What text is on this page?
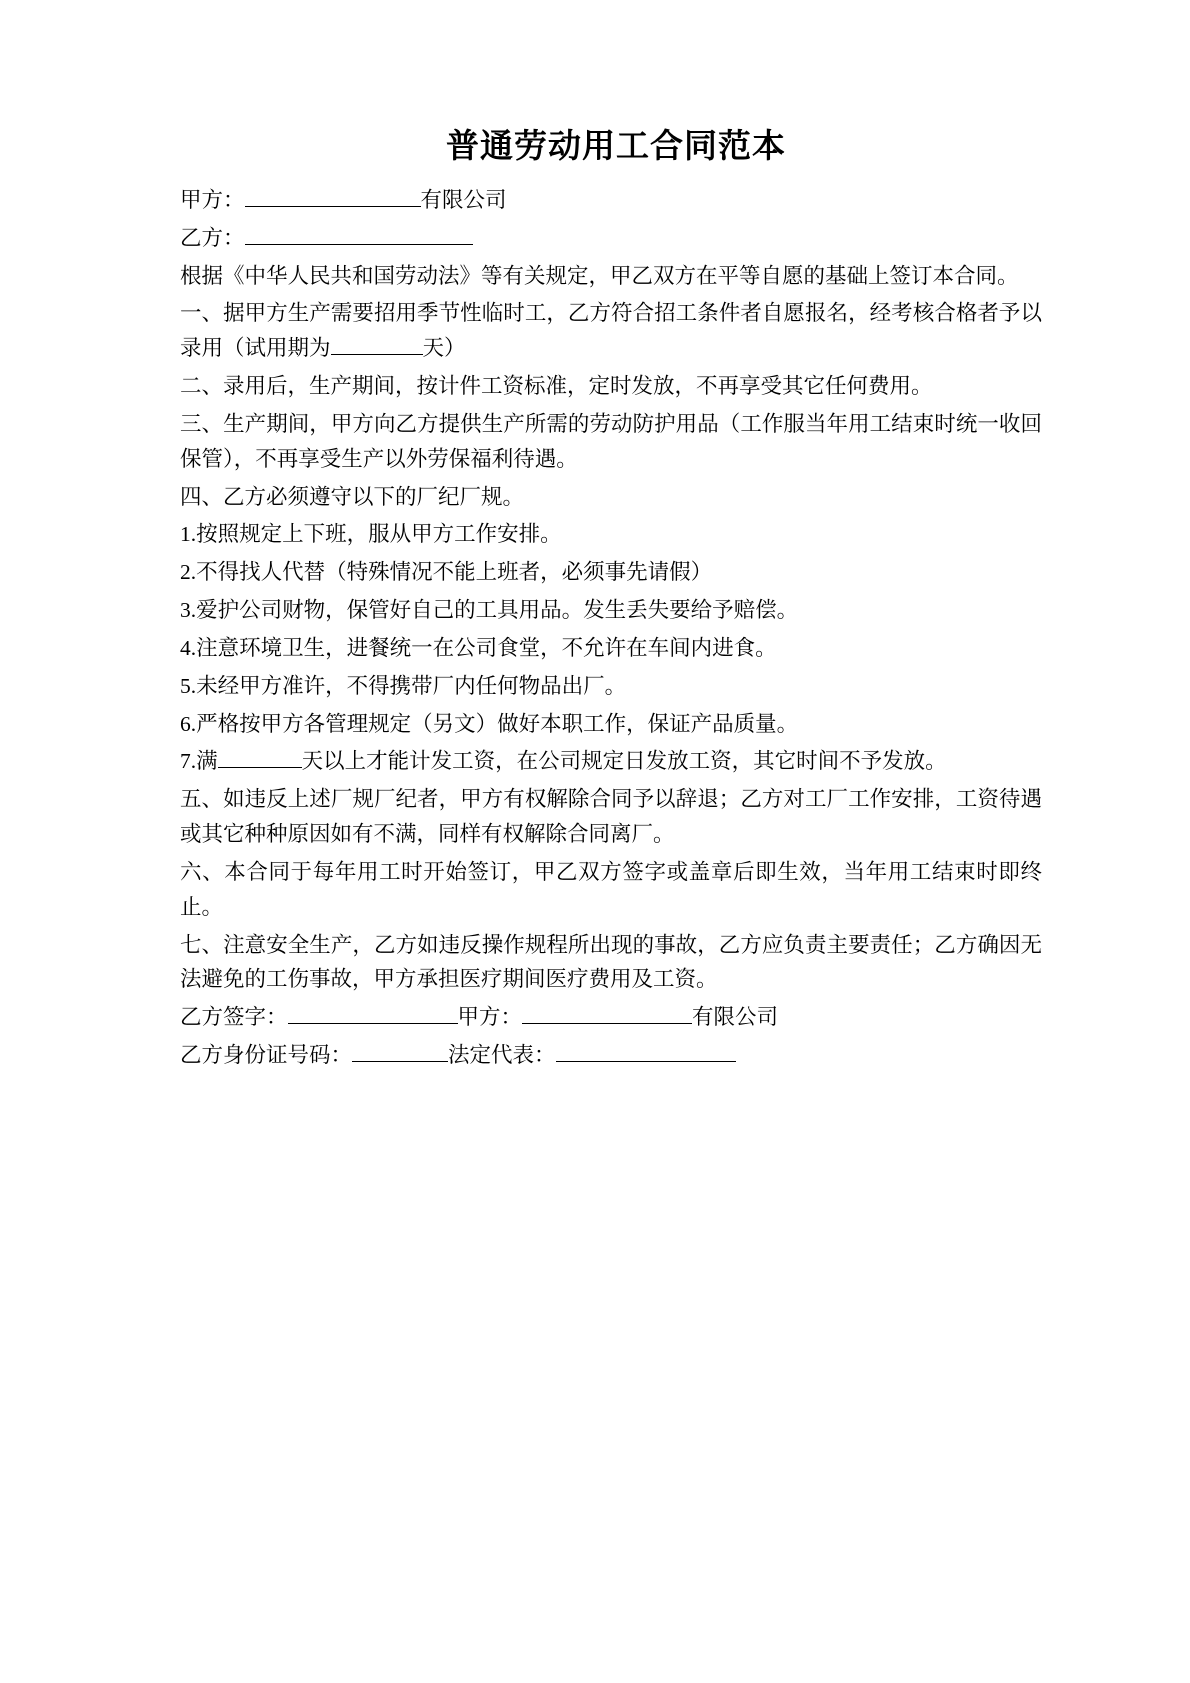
普通劳动用工合同范本

甲方：	有限公司

乙方：

根据《中华人民共和国劳动法》等有关规定，甲乙双方在平等自愿的基础上签订本合同。

一、据甲方生产需要招用季节性临时工，乙方符合招工条件者自愿报名，经考核合格者予以录用（试用期为	天）

二、录用后，生产期间，按计件工资标准，定时发放，不再享受其它任何费用。

三、生产期间，甲方向乙方提供生产所需的劳动防护用品（工作服当年用工结束时统一收回保管），不再享受生产以外劳保福利待遇。

四、乙方必须遵守以下的厂纪厂规。

1.按照规定上下班，服从甲方工作安排。

2.不得找人代替（特殊情况不能上班者，必须事先请假）

3.爱护公司财物，保管好自己的工具用品。发生丢失要给予赔偿。

4.注意环境卫生，进餐统一在公司食堂，不允许在车间内进食。

5.未经甲方准许，不得携带厂内任何物品出厂。

6.严格按甲方各管理规定（另文）做好本职工作，保证产品质量。

7.满	天以上才能计发工资，在公司规定日发放工资，其它时间不予发放。

五、如违反上述厂规厂纪者，甲方有权解除合同予以辞退；乙方对工厂工作安排，工资待遇或其它种种原因如有不满，同样有权解除合同离厂。

六、本合同于每年用工时开始签订，甲乙双方签字或盖章后即生效，当年用工结束时即终止。

七、注意安全生产，乙方如违反操作规程所出现的事故，乙方应负责主要责任；乙方确因无法避免的工伤事故，甲方承担医疗期间医疗费用及工资。

乙方签字：	甲方：	有限公司

乙方身份证号码：	法定代表：
